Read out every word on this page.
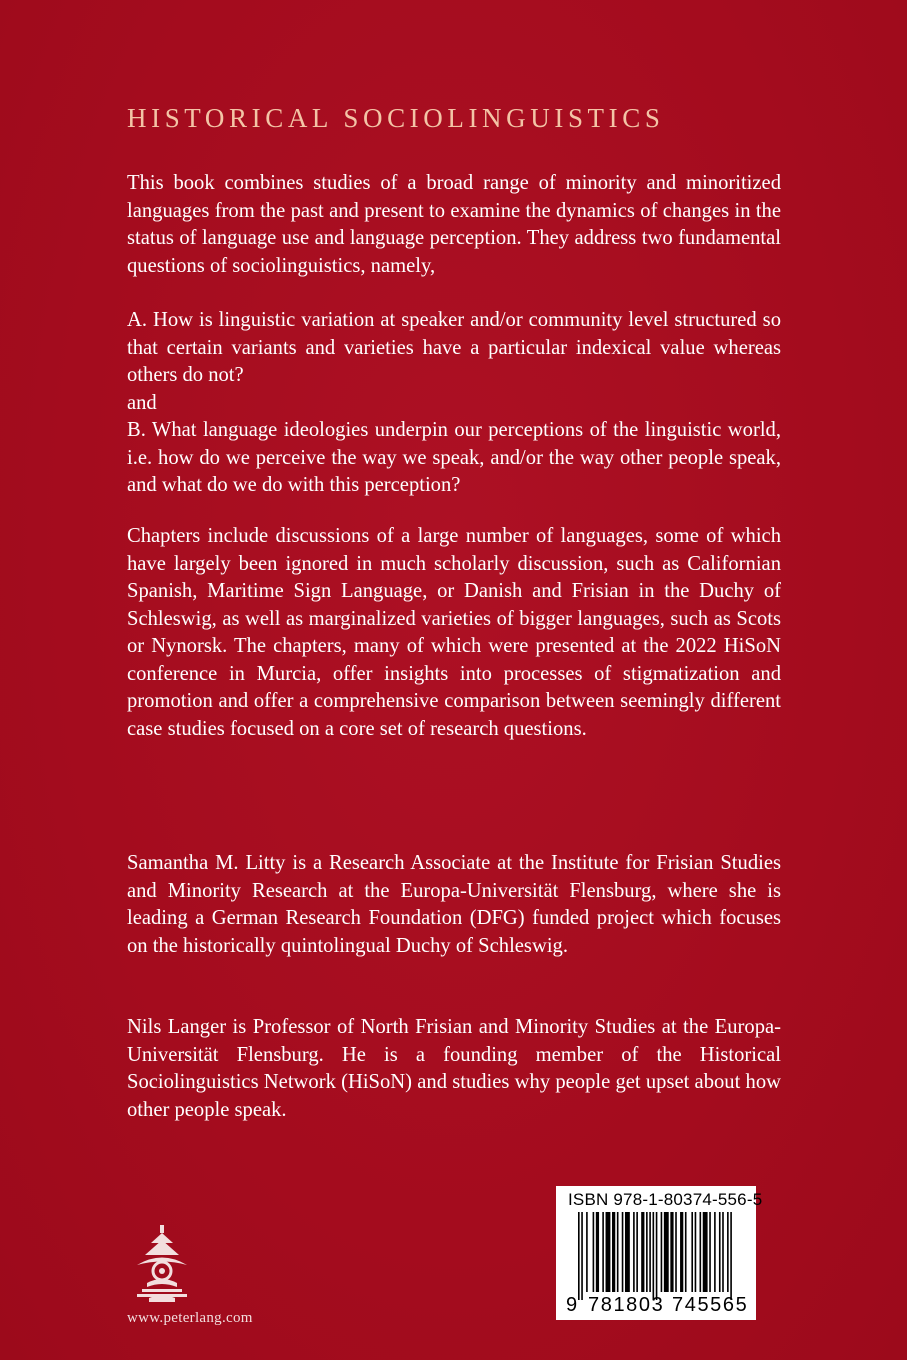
HISTORICAL SOCIOLINGUISTICS

This book combines studies of a broad range of minority and minoritized languages from the past and present to examine the dynamics of changes in the status of language use and language perception. They address two fundamental questions of sociolinguistics, namely,

A. How is linguistic variation at speaker and/or community level structured so that certain variants and varieties have a particular indexical value whereas others do not?

and

B. What language ideologies underpin our perceptions of the linguistic world, i.e. how do we perceive the way we speak, and/or the way other people speak, and what do we do with this perception?

Chapters include discussions of a large number of languages, some of which have largely been ignored in much scholarly discussion, such as Californian Spanish, Maritime Sign Language, or Danish and Frisian in the Duchy of Schleswig, as well as marginalized varieties of bigger languages, such as Scots or Nynorsk. The chapters, many of which were presented at the 2022 HiSoN conference in Murcia, offer insights into processes of stigmatization and promotion and offer a comprehensive comparison between seemingly different case studies focused on a core set of research questions.

Samantha M. Litty is a Research Associate at the Institute for Frisian Studies and Minority Research at the Europa-Universität Flensburg, where she is leading a German Research Foundation (DFG) funded project which focuses on the historically quintolingual Duchy of Schleswig.

Nils Langer is Professor of North Frisian and Minority Studies at the Europa-Universität Flensburg. He is a founding member of the Historical Sociolinguistics Network (HiSoN) and studies why people get upset about how other people speak.

www.peterlang.com
ISBN 978-1-80374-556-5
9 781803 745565
